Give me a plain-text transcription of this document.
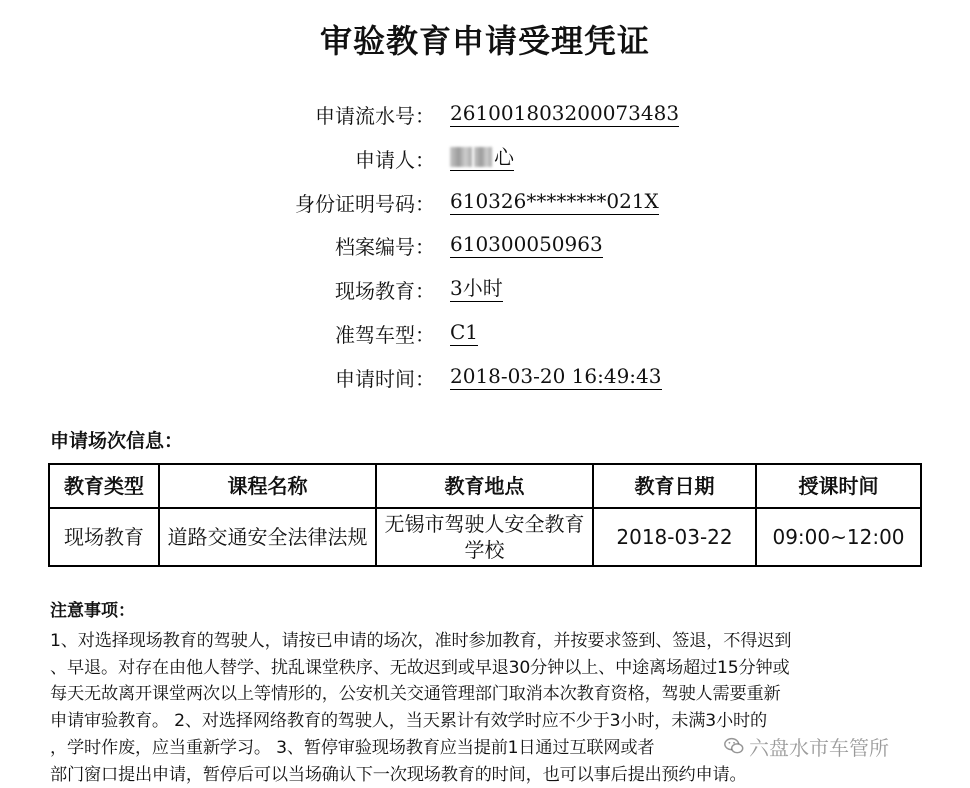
审验教育申请受理凭证
申请流水号： 261001803200073483
申请人：	心
身份证明号码： 610326********021X
档案编号： 610300050963
现场教育： 3小时
准驾车型： C1
申请时间： 2018-03-20 16:49:43
申请场次信息：
教育类型	课程名称	教育地点	教育日期	授课时间
现场教育	道路交通安全法律法规	无锡市驾驶人安全教育学校	2018-03-22	09:00~12:00
注意事项：
1、对选择现场教育的驾驶人，请按已申请的场次，准时参加教育，并按要求签到、签退，不得迟到
、早退。对存在由他人替学、扰乱课堂秩序、无故迟到或早退30分钟以上、中途离场超过15分钟或
每天无故离开课堂两次以上等情形的，公安机关交通管理部门取消本次教育资格，驾驶人需要重新
申请审验教育。 2、对选择网络教育的驾驶人，当天累计有效学时应不少于3小时，未满3小时的
，学时作废，应当重新学习。 3、暂停审验现场教育应当提前1日通过互联网或者
部门窗口提出申请，暂停后可以当场确认下一次现场教育的时间，也可以事后提出预约申请。
六盘水市车管所
